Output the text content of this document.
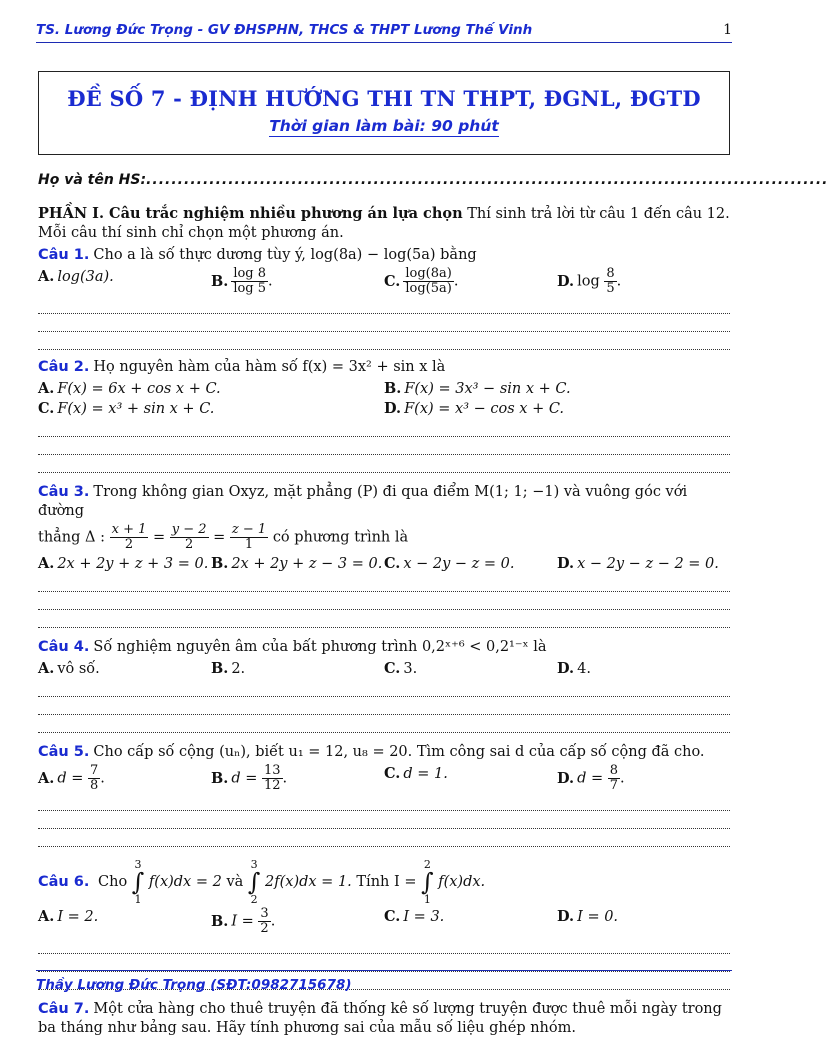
TS. Lương Đức Trọng - GV ĐHSPHN, THCS & THPT Lương Thế Vinh	1
ĐỀ SỐ 7 - ĐỊNH HƯỚNG THI TN THPT, ĐGNL, ĐGTD
Thời gian làm bài: 90 phút
Họ và tên HS:............................................................................................................
PHẦN I. Câu trắc nghiệm nhiều phương án lựa chọn Thí sinh trả lời từ câu 1 đến câu 12. Mỗi câu thí sinh chỉ chọn một phương án.
Câu 1. Cho a là số thực dương tùy ý, log(8a) − log(5a) bằng
A. log(3a).	B. $\frac{\log 8}{\log 5}$ .	C. $\frac{\log(8a)}{\log(5a)}$ .	D. $\log \frac{8}{5}$ .
Câu 2. Họ nguyên hàm của hàm số f(x) = 3x² + sin x là
A. F(x) = 6x + cos x + C.	B. F(x) = 3x³ − sin x + C.
C. F(x) = x³ + sin x + C.	D. F(x) = x³ − cos x + C.
Câu 3. Trong không gian Oxyz, mặt phẳng (P) đi qua điểm M(1; 1; −1) và vuông góc với đường
thẳng Δ : $\frac{x + 1}{2} = \frac{y - 2}{2} = \frac{z - 1}{1}$ có phương trình là
A. 2x + 2y + z + 3 = 0. B. 2x + 2y + z − 3 = 0. C. x − 2y − z = 0.	D. x − 2y − z − 2 = 0.
Câu 4. Số nghiệm nguyên âm của bất phương trình 0,2ˣ⁺⁶ < 0,2¹⁻ˣ là
A. vô số.	B. 2.	C. 3.	D. 4.
Câu 5. Cho cấp số cộng (uₙ), biết u₁ = 12, u₈ = 20. Tìm công sai d của cấp số cộng đã cho.
A. $d = \frac{7}{8}$ .	B. $d = \frac{13}{12}$ .	C. d = 1.	D. $d = \frac{8}{7}$ .
Câu 6. Cho 3
∫
1 f(x)dx = 2 và 3
∫
2 2f(x)dx = 1. Tính I = 2
∫
1 f(x)dx.
A. I = 2.	B. $I = \frac{3}{2}$ .	C. I = 3.	D. I = 0.
Câu 7. Một cửa hàng cho thuê truyện đã thống kê số lượng truyện được thuê mỗi ngày trong ba tháng như bảng sau. Hãy tính phương sai của mẫu số liệu ghép nhóm.
Thầy Lương Đức Trọng (SĐT:0982715678)
